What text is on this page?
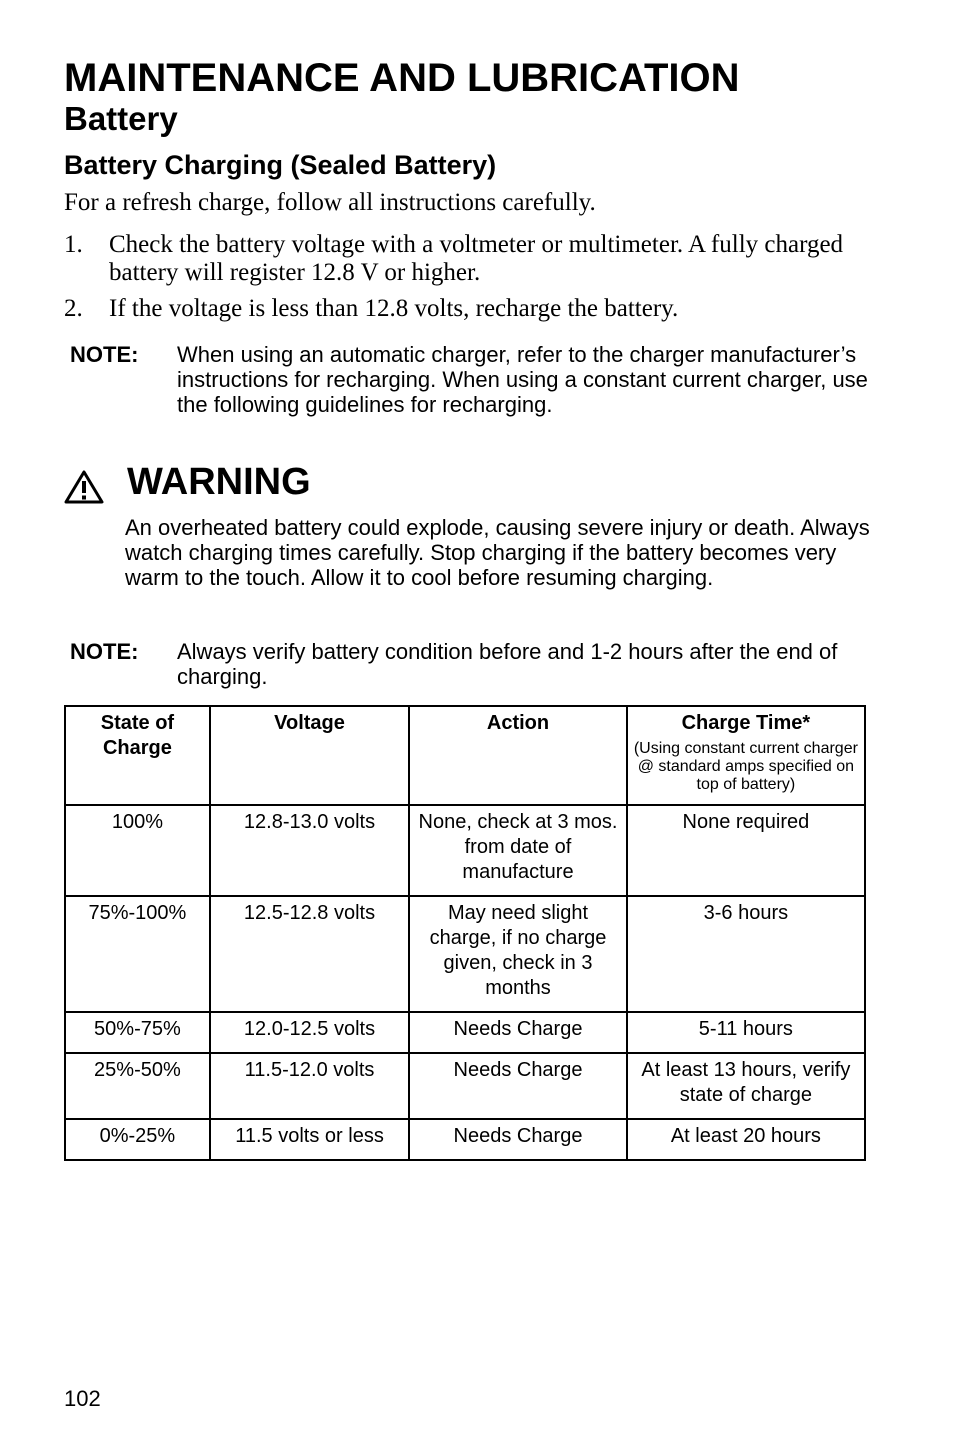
MAINTENANCE AND LUBRICATION
Battery
Battery Charging (Sealed Battery)
For a refresh charge, follow all instructions carefully.
1. Check the battery voltage with a voltmeter or multimeter. A fully charged battery will register 12.8 V or higher.
2. If the voltage is less than 12.8 volts, recharge the battery.
NOTE: When using an automatic charger, refer to the charger manufacturer’s instructions for recharging. When using a constant current charger, use the following guidelines for recharging.
WARNING
An overheated battery could explode, causing severe injury or death. Always watch charging times carefully. Stop charging if the battery becomes very warm to the touch. Allow it to cool before resuming charging.
NOTE: Always verify battery condition before and 1-2 hours after the end of charging.
State of Charge	Voltage	Action	Charge Time*
(Using constant current charger @ standard amps specified on top of battery)

100%	12.8-13.0 volts	None, check at 3 mos. from date of manufacture	None required
75%-100%	12.5-12.8 volts	May need slight charge, if no charge given, check in 3 months	3-6 hours
50%-75%	12.0-12.5 volts	Needs Charge	5-11 hours
25%-50%	11.5-12.0 volts	Needs Charge	At least 13 hours, verify state of charge
0%-25%	11.5 volts or less	Needs Charge	At least 20 hours
102
